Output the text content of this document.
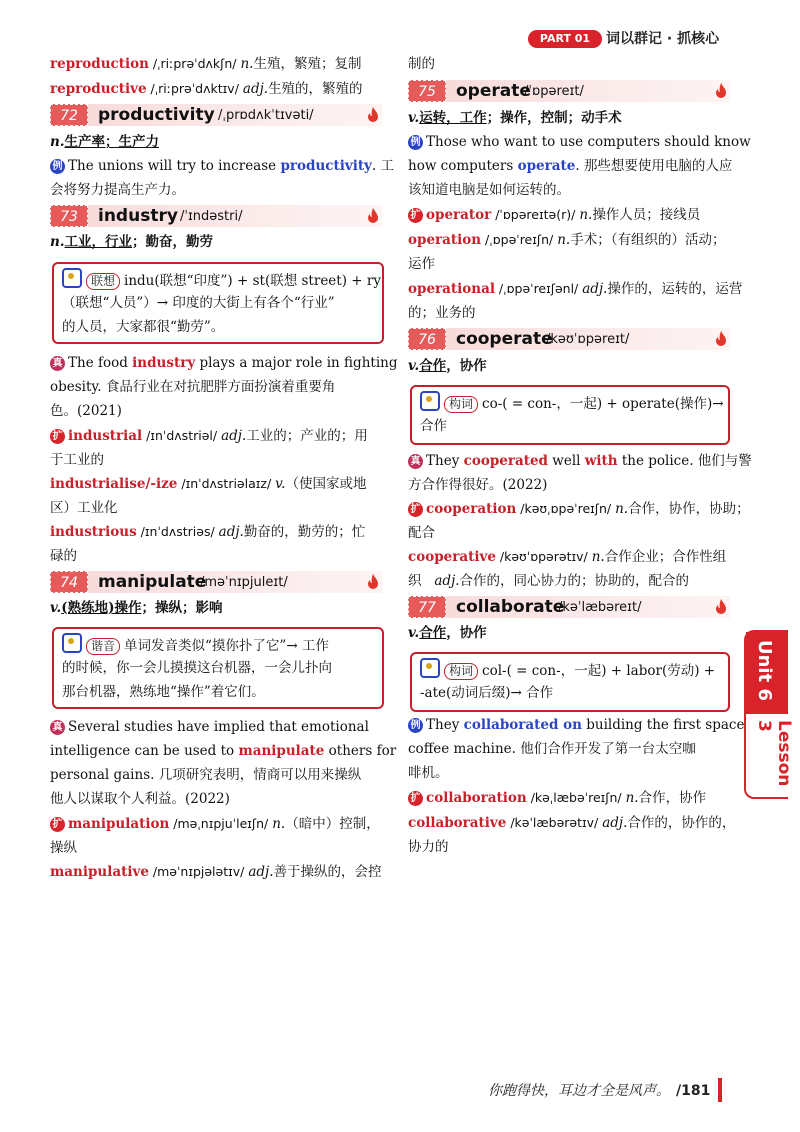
PART 01	词以群记 · 抓核心
Unit 6
Lesson 3
reproduction /ˌriːprəˈdʌkʃn/ n.生殖，繁殖；复制
reproductive /ˌriːprəˈdʌktɪv/ adj.生殖的，繁殖的
72	productivity /ˌprɒdʌkˈtɪvəti/
n.生产率；生产力
例 The unions will try to increase productivity. 工
会将努力提高生产力。
73	industry /ˈɪndəstri/
n.工业，行业；勤奋，勤劳
联想 indu(联想“印度”) + st(联想 street) + ry
（联想“人员”）→ 印度的大街上有各个“行业”
的人员，大家都很“勤劳”。
真 The food industry plays a major role in fighting
obesity. 食品行业在对抗肥胖方面扮演着重要角
色。(2021)
扩 industrial /ɪnˈdʌstriəl/ adj.工业的；产业的；用
于工业的
industrialise/-ize /ɪnˈdʌstriəlaɪz/ v.（使国家或地
区）工业化
industrious /ɪnˈdʌstriəs/ adj.勤奋的，勤劳的；忙
碌的
74	manipulate
/məˈnɪpjuleɪt/
v.(熟练地)操作；操纵；影响
谐音 单词发音类似“摸你扑了它”→ 工作
的时候，你一会儿摸摸这台机器，一会儿扑向
那台机器，熟练地“操作”着它们。
真 Several studies have implied that emotional
intelligence can be used to manipulate others for
personal gains. 几项研究表明，情商可以用来操纵
他人以谋取个人利益。(2022)
扩 manipulation /məˌnɪpjuˈleɪʃn/ n.（暗中）控制，
操纵
manipulative /məˈnɪpjələtɪv/ adj.善于操纵的，会控
制的
75	operate
/ˈɒpəreɪt/
v.运转，工作；操作，控制；动手术
例 Those who want to use computers should know
how computers operate. 那些想要使用电脑的人应
该知道电脑是如何运转的。
扩 operator /ˈɒpəreɪtə(r)/ n.操作人员；接线员
operation /ˌɒpəˈreɪʃn/ n.手术；（有组织的）活动；
运作
operational /ˌɒpəˈreɪʃənl/ adj.操作的，运转的，运营
的；业务的
76	cooperate
/kəʊˈɒpəreɪt/
v.合作，协作
构词 co-( = con-，一起) + operate(操作)→
合作
真 They cooperated well with the police. 他们与警
方合作得很好。(2022)
扩 cooperation /kəʊˌɒpəˈreɪʃn/ n.合作，协作，协助；
配合
cooperative /kəʊˈɒpərətɪv/ n.合作企业；合作性组
织 adj.合作的，同心协力的；协助的，配合的
77	collaborate
/kəˈlæbəreɪt/
v.合作，协作
构词 col-( = con-，一起) + labor(劳动) +
-ate(动词后缀)→ 合作
例 They collaborated on building the first space
coffee machine. 他们合作开发了第一台太空咖
啡机。
扩 collaboration /kəˌlæbəˈreɪʃn/ n.合作，协作
collaborative /kəˈlæbərətɪv/ adj.合作的，协作的，
协力的
你跑得快，耳边才全是风声。 /181
